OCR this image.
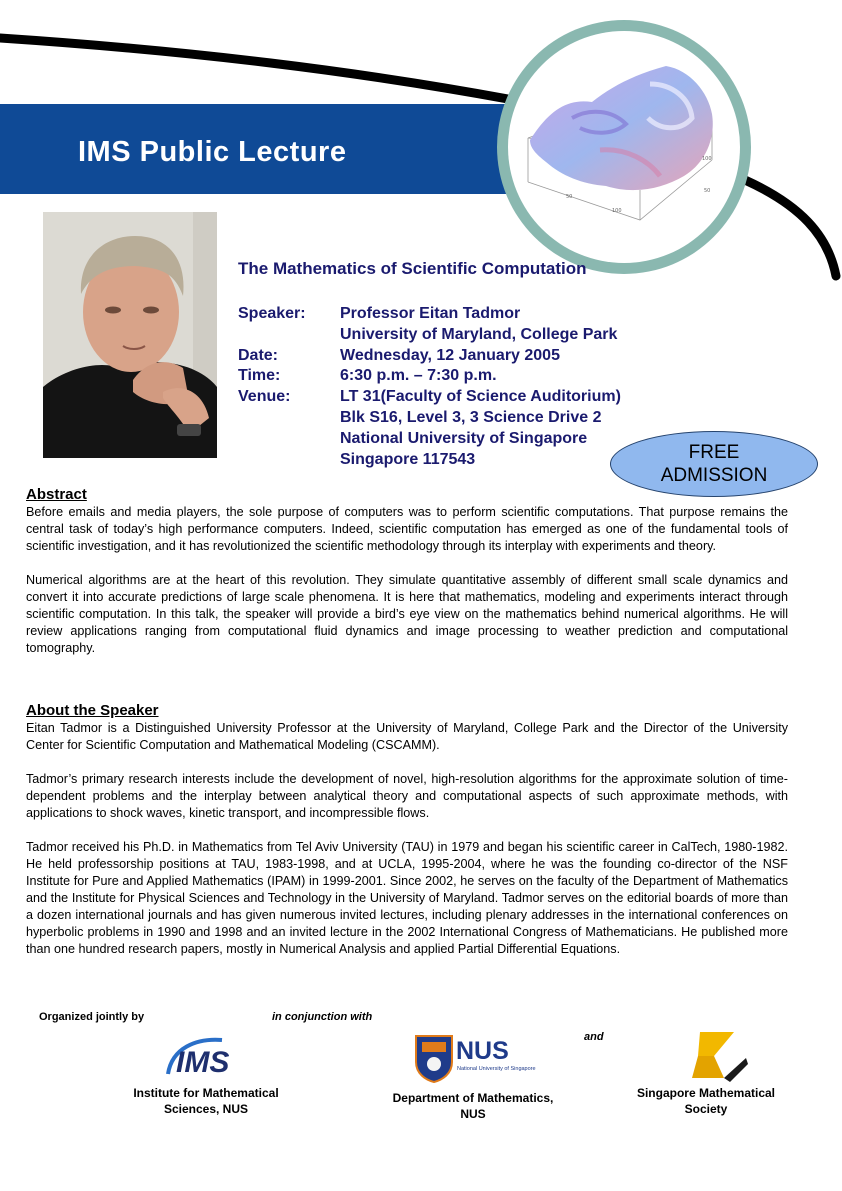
50
100
100
50
IMS Public Lecture
The Mathematics of Scientific Computation
Speaker:	Professor Eitan Tadmor
University of Maryland, College Park
Date:	Wednesday, 12 January 2005
Time:	6:30 p.m. – 7:30 p.m.
Venue:	LT 31(Faculty of Science Auditorium)
Blk S16, Level 3, 3 Science Drive 2
National University of Singapore
Singapore 117543	FREE
ADMISSION
Abstract

Before emails and media players, the sole purpose of computers was to perform scientific computations. That purpose remains the central task of today’s high performance computers. Indeed, scientific computation has emerged as one of the fundamental tools of scientific investigation, and it has revolutionized the scientific methodology through its interplay with experiments and theory.

Numerical algorithms are at the heart of this revolution. They simulate quantitative assembly of different small scale dynamics and convert it into accurate predictions of large scale phenomena. It is here that mathematics, modeling and experiments interact through scientific computation. In this talk, the speaker will provide a bird’s eye view on the mathematics behind numerical algorithms. He will review applications ranging from computational fluid dynamics and image processing to weather prediction and computational tomography.

About the Speaker

Eitan Tadmor is a Distinguished University Professor at the University of Maryland, College Park and the Director of the University Center for Scientific Computation and Mathematical Modeling (CSCAMM).

Tadmor’s primary research interests include the development of novel, high-resolution algorithms for the approximate solution of time-dependent problems and the interplay between analytical theory and computational aspects of such approximate methods, with applications to shock waves, kinetic transport, and incompressible flows.

Tadmor received his Ph.D. in Mathematics from Tel Aviv University (TAU) in 1979 and began his scientific career in CalTech, 1980-1982. He held professorship positions at TAU, 1983-1998, and at UCLA, 1995-2004, where he was the founding co-director of the NSF Institute for Pure and Applied Mathematics (IPAM) in 1999-2001. Since 2002, he serves on the faculty of the Department of Mathematics and the Institute for Physical Sciences and Technology in the University of Maryland. Tadmor serves on the editorial boards of more than a dozen international journals and has given numerous invited lectures, including plenary addresses in the international conferences on hyperbolic problems in 1990 and 1998 and an invited lecture in the 2002 International Congress of Mathematicians. He published more than one hundred research papers, mostly in Numerical Analysis and applied Partial Differential Equations.

Organized jointly by	in conjunction with
and
IMS
Institute for Mathematical Sciences, NUS
NUS
National University of Singapore
Department of Mathematics, NUS
Singapore Mathematical Society
